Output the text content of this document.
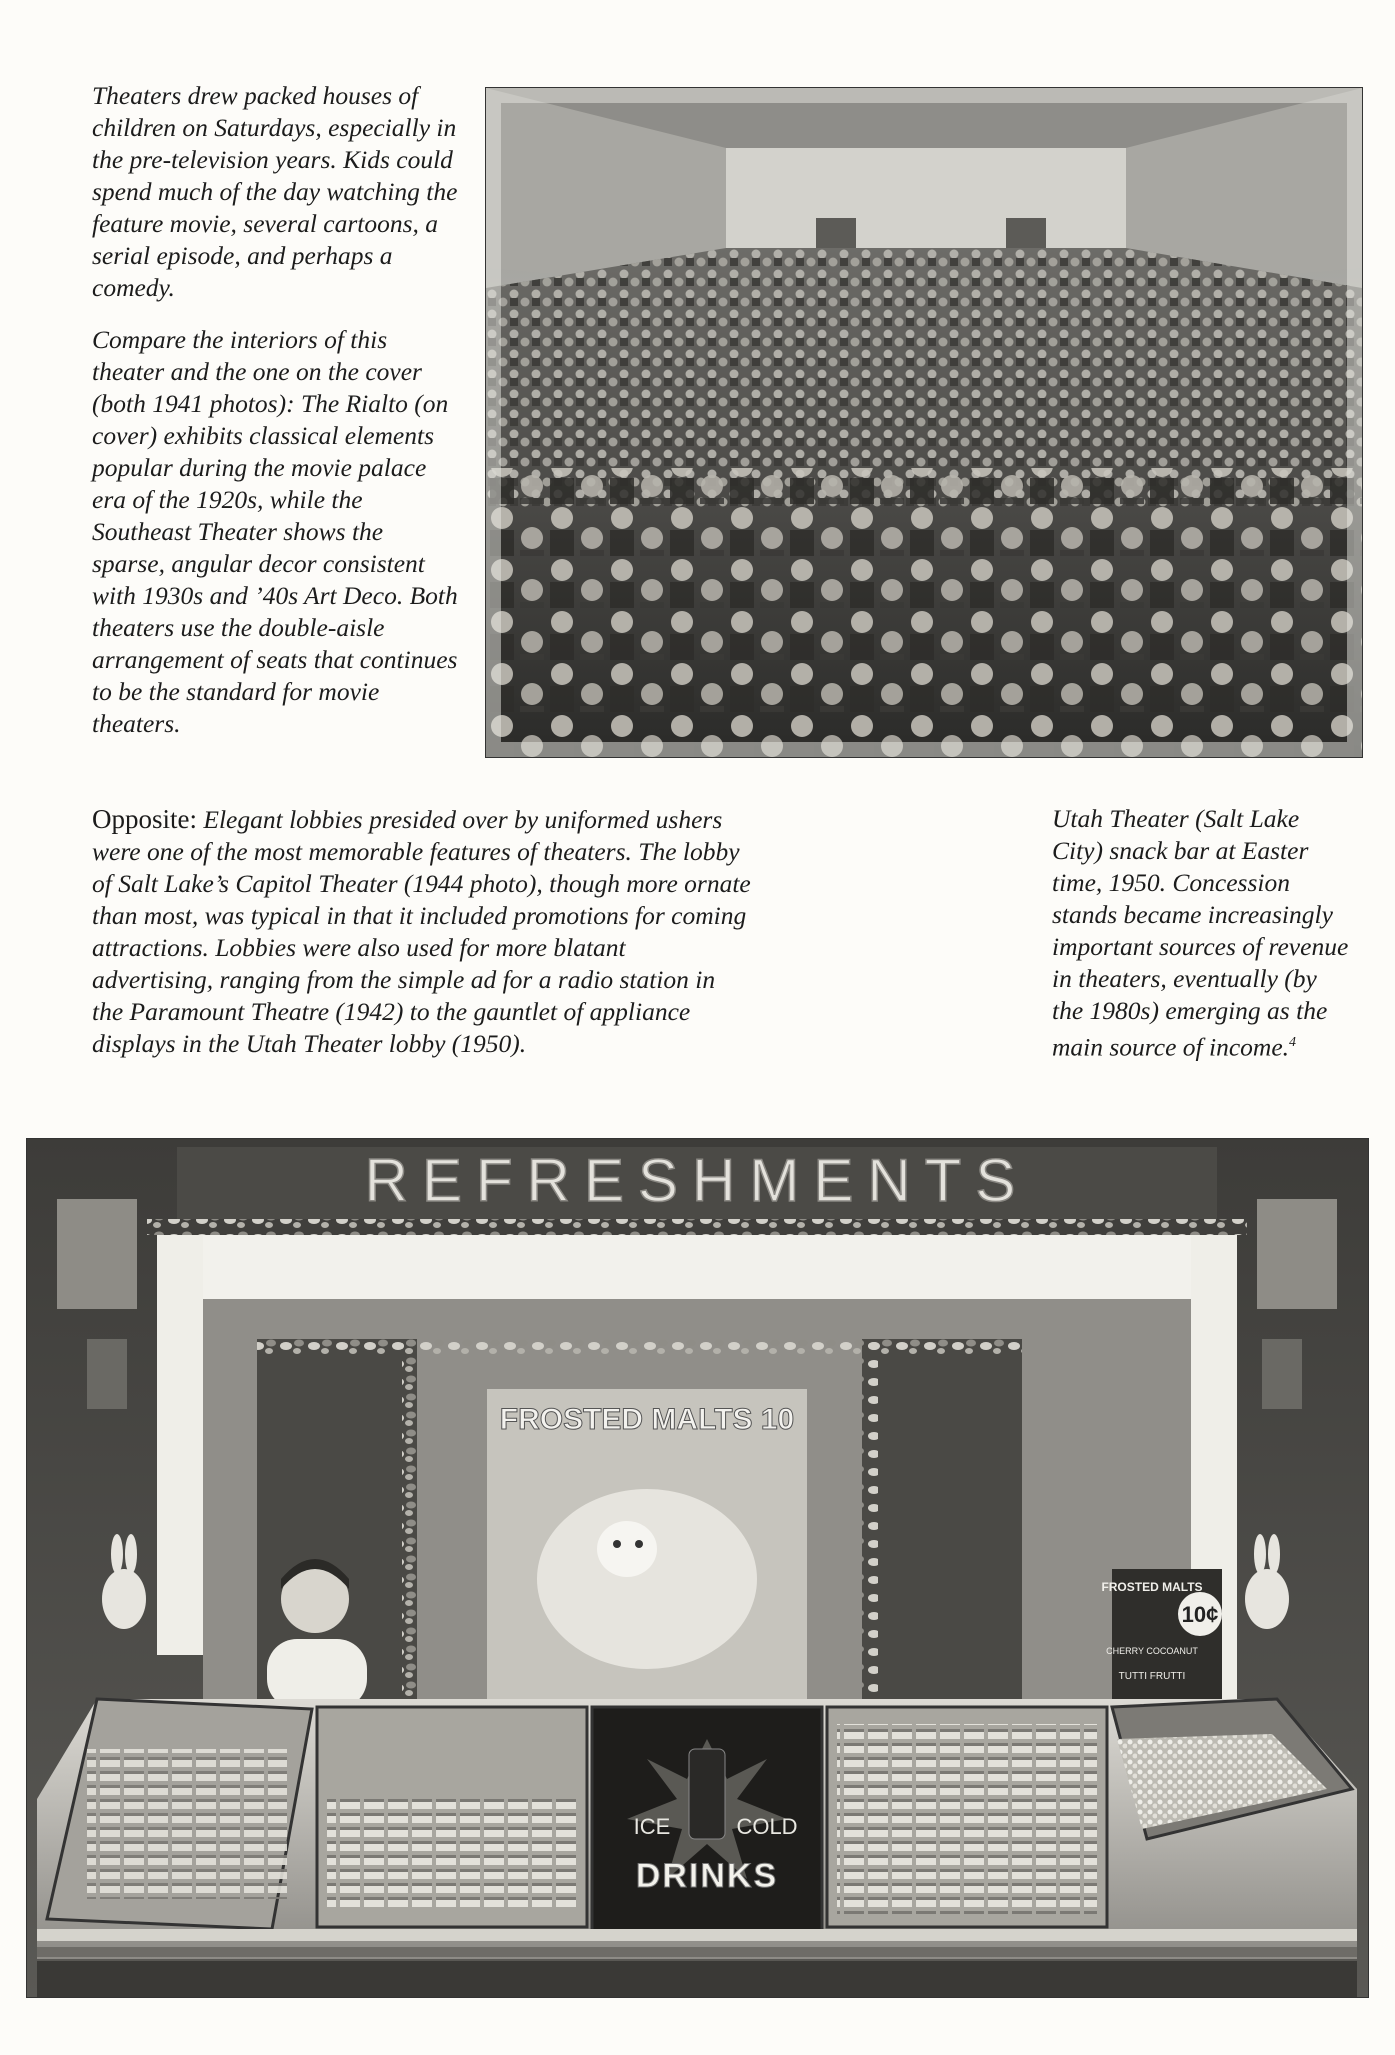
Theaters drew packed houses of children on Saturdays, especially in the pre-television years. Kids could spend much of the day watching the feature movie, several cartoons, a serial episode, and perhaps a comedy.

Compare the interiors of this theater and the one on the cover (both 1941 photos): The Rialto (on cover) exhibits classical elements popular during the movie palace era of the 1920s, while the Southeast Theater shows the sparse, angular decor consistent with 1930s and ’40s Art Deco. Both theaters use the double-aisle arrangement of seats that continues to be the standard for movie theaters.

Opposite: Elegant lobbies presided over by uniformed ushers were one of the most memorable features of theaters. The lobby of Salt Lake’s Capitol Theater (1944 photo), though more ornate than most, was typical in that it included promotions for coming attractions. Lobbies were also used for more blatant advertising, ranging from the simple ad for a radio station in the Paramount Theatre (1942) to the gauntlet of appliance displays in the Utah Theater lobby (1950).
Utah Theater (Salt Lake City) snack bar at Easter time, 1950. Concession stands became increasingly important sources of revenue in theaters, eventually (by the 1980s) emerging as the main source of income.$^4$
REFRESHMENTS
FROSTED MALTS 10
FROSTED MALTS
10¢
CHERRY COCOANUT
TUTTI FRUTTI
ICE	COLD
DRINKS
